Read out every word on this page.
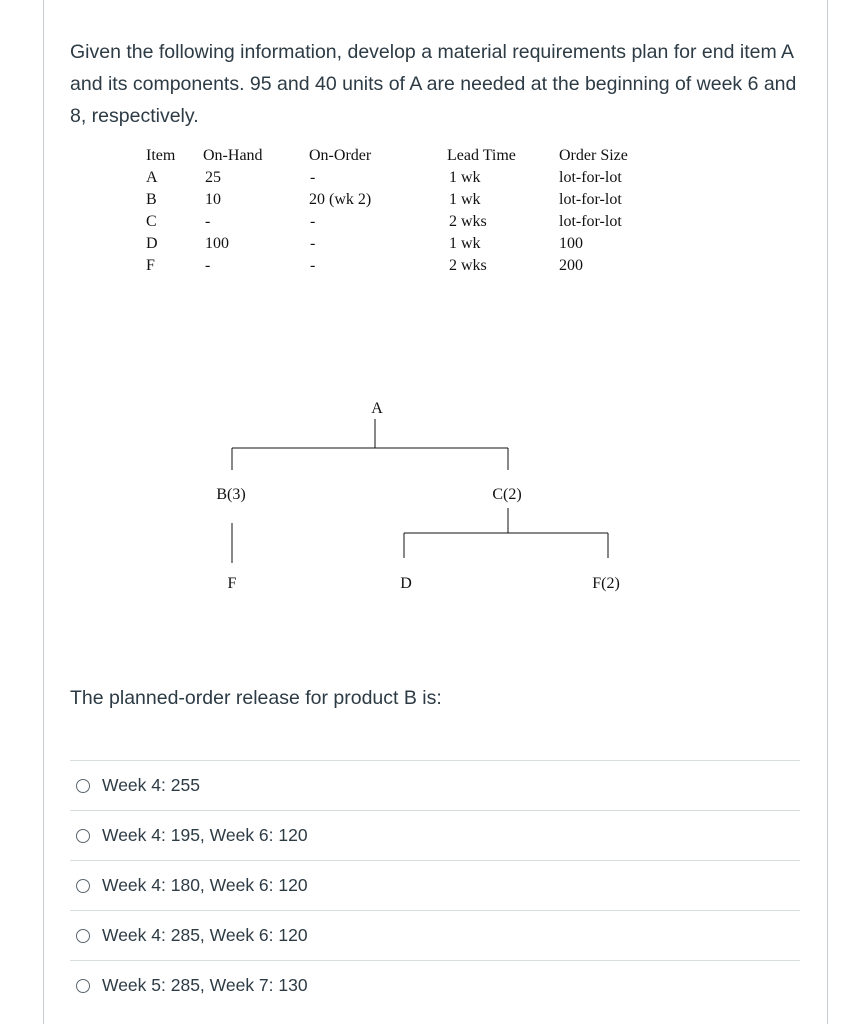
Given the following information, develop a material requirements plan for end item A and its components. 95 and 40 units of A are needed at the beginning of week 6 and 8, respectively.
Item On-Hand	On-Order	Lead Time	Order Size
A	25	-	1 wk	lot-for-lot
B	10	20 (wk 2)	1 wk	lot-for-lot
C	-	-	2 wks	lot-for-lot
D	100	-	1 wk	100
F	-	-	2 wks	200
A
B(3)	C(2)
F	D	F(2)
The planned-order release for product B is:
Week 4: 255
Week 4: 195, Week 6: 120
Week 4: 180, Week 6: 120
Week 4: 285, Week 6: 120
Week 5: 285, Week 7: 130
